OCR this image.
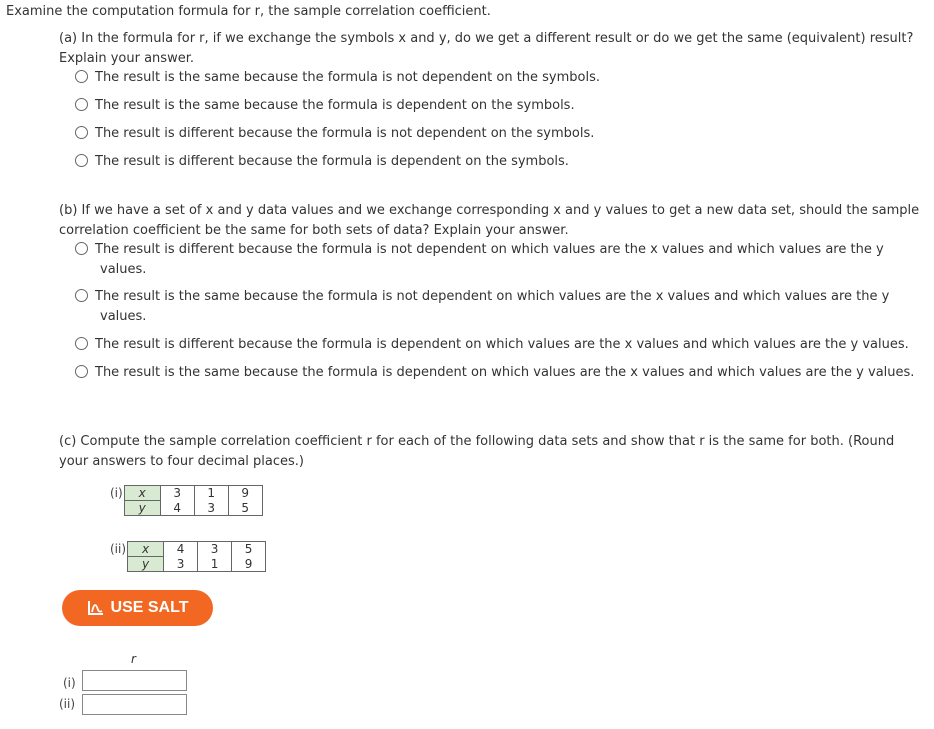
Examine the computation formula for r, the sample correlation coefficient.
(a) In the formula for r, if we exchange the symbols x and y, do we get a different result or do we get the same (equivalent) result?
Explain your answer.
The result is the same because the formula is not dependent on the symbols.
The result is the same because the formula is dependent on the symbols.
The result is different because the formula is not dependent on the symbols.
The result is different because the formula is dependent on the symbols.
(b) If we have a set of x and y data values and we exchange corresponding x and y values to get a new data set, should the sample
correlation coefficient be the same for both sets of data? Explain your answer.
The result is different because the formula is not dependent on which values are the x values and which values are the y
values.
The result is the same because the formula is not dependent on which values are the x values and which values are the y
values.
The result is different because the formula is dependent on which values are the x values and which values are the y values.
The result is the same because the formula is dependent on which values are the x values and which values are the y values.
(c) Compute the sample correlation coefficient r for each of the following data sets and show that r is the same for both. (Round
your answers to four decimal places.)
(i)	x	3	1	9
	y	4	3	5
(ii)	x	4	3	5
	y	3	1	9
USE SALT
r
(i)
(ii)
